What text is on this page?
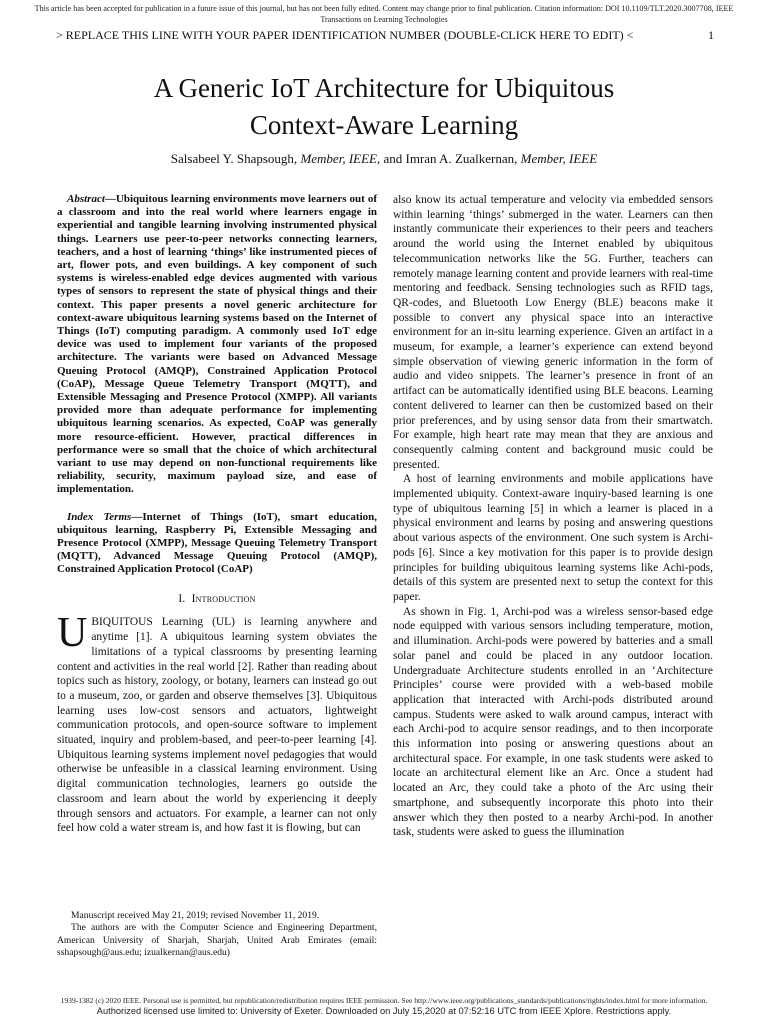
This article has been accepted for publication in a future issue of this journal, but has not been fully edited. Content may change prior to final publication. Citation information: DOI 10.1109/TLT.2020.3007708, IEEE
Transactions on Learning Technologies
> REPLACE THIS LINE WITH YOUR PAPER IDENTIFICATION NUMBER (DOUBLE-CLICK HERE TO EDIT) <	1
A Generic IoT Architecture for Ubiquitous
Context-Aware Learning
Salsabeel Y. Shapsough, Member, IEEE, and Imran A. Zualkernan, Member, IEEE

Abstract—Ubiquitous learning environments move learners out of a classroom and into the real world where learners engage in experiential and tangible learning involving instrumented physical things. Learners use peer-to-peer networks connecting learners, teachers, and a host of learning ‘things’ like instrumented pieces of art, flower pots, and even buildings. A key component of such systems is wireless-enabled edge devices augmented with various types of sensors to represent the state of physical things and their context. This paper presents a novel generic architecture for context-aware ubiquitous learning systems based on the Internet of Things (IoT) computing paradigm. A commonly used IoT edge device was used to implement four variants of the proposed architecture. The variants were based on Advanced Message Queuing Protocol (AMQP), Constrained Application Protocol (CoAP), Message Queue Telemetry Transport (MQTT), and Extensible Messaging and Presence Protocol (XMPP). All variants provided more than adequate performance for implementing ubiquitous learning scenarios. As expected, CoAP was generally more resource-efficient. However, practical differences in performance were so small that the choice of which architectural variant to use may depend on non-functional requirements like reliability, security, maximum payload size, and ease of implementation.

Index Terms—Internet of Things (IoT), smart education, ubiquitous learning, Raspberry Pi, Extensible Messaging and Presence Protocol (XMPP), Message Queuing Telemetry Transport (MQTT), Advanced Message Queuing Protocol (AMQP), Constrained Application Protocol (CoAP)

I. Introduction

UBIQUITOUS Learning (UL) is learning anywhere and anytime [1]. A ubiquitous learning system obviates the limitations of a typical classrooms by presenting learning content and activities in the real world [2]. Rather than reading about topics such as history, zoology, or botany, learners can instead go out to a museum, zoo, or garden and observe themselves [3]. Ubiquitous learning uses low-cost sensors and actuators, lightweight communication protocols, and open-source software to implement situated, inquiry and problem-based, and peer-to-peer learning [4]. Ubiquitous learning systems implement novel pedagogies that would otherwise be unfeasible in a classical learning environment. Using digital communication technologies, learners go outside the classroom and learn about the world by experiencing it deeply through sensors and actuators. For example, a learner can not only feel how cold a water stream is, and how fast it is flowing, but can

also know its actual temperature and velocity via embedded sensors within learning ‘things’ submerged in the water. Learners can then instantly communicate their experiences to their peers and teachers around the world using the Internet enabled by ubiquitous telecommunication networks like the 5G. Further, teachers can remotely manage learning content and provide learners with real-time mentoring and feedback. Sensing technologies such as RFID tags, QR-codes, and Bluetooth Low Energy (BLE) beacons make it possible to convert any physical space into an interactive environment for an in-situ learning experience. Given an artifact in a museum, for example, a learner’s experience can extend beyond simple observation of viewing generic information in the form of audio and video snippets. The learner’s presence in front of an artifact can be automatically identified using BLE beacons. Learning content delivered to learner can then be customized based on their prior preferences, and by using sensor data from their smartwatch. For example, high heart rate may mean that they are anxious and consequently calming content and background music could be presented.

A host of learning environments and mobile applications have implemented ubiquity. Context-aware inquiry-based learning is one type of ubiquitous learning [5] in which a learner is placed in a physical environment and learns by posing and answering questions about various aspects of the environment. One such system is Archi-pods [6]. Since a key motivation for this paper is to provide design principles for building ubiquitous learning systems like Achi-pods, details of this system are presented next to setup the context for this paper.

As shown in Fig. 1, Archi-pod was a wireless sensor-based edge node equipped with various sensors including temperature, motion, and illumination. Archi-pods were powered by batteries and a small solar panel and could be placed in any outdoor location. Undergraduate Architecture students enrolled in an ‘Architecture Principles’ course were provided with a web-based mobile application that interacted with Archi-pods distributed around campus. Students were asked to walk around campus, interact with each Archi-pod to acquire sensor readings, and to then incorporate this information into posing or answering questions about an architectural space. For example, in one task students were asked to locate an architectural element like an Arc. Once a student had located an Arc, they could take a photo of the Arc using their smartphone, and subsequently incorporate this photo into their answer which they then posted to a nearby Archi-pod. In another task, students were asked to guess the illumination

Manuscript received May 21, 2019; revised November 11, 2019.

The authors are with the Computer Science and Engineering Department, American University of Sharjah, Sharjah, United Arab Emirates (email: sshapsough@aus.edu; izualkernan@aus.edu)

1939-1382 (c) 2020 IEEE. Personal use is permitted, but republication/redistribution requires IEEE permission. See http://www.ieee.org/publications_standards/publications/rights/index.html for more information.
Authorized licensed use limited to: University of Exeter. Downloaded on July 15,2020 at 07:52:16 UTC from IEEE Xplore. Restrictions apply.
